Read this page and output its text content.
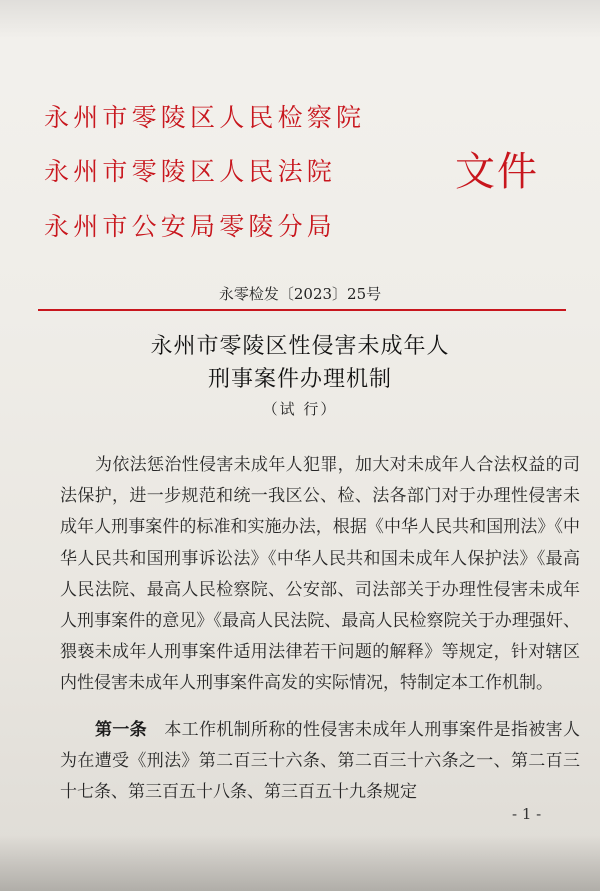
永州市零陵区人民检察院
永州市零陵区人民法院
永州市公安局零陵分局
文件
永零检发〔2023〕25号
永州市零陵区性侵害未成年人
刑事案件办理机制
（试 行）
为依法惩治性侵害未成年人犯罪，加大对未成年人合法权益的司法保护，进一步规范和统一我区公、检、法各部门对于办理性侵害未成年人刑事案件的标准和实施办法，根据《中华人民共和国刑法》《中华人民共和国刑事诉讼法》《中华人民共和国未成年人保护法》《最高人民法院、最高人民检察院、公安部、司法部关于办理性侵害未成年人刑事案件的意见》《最高人民法院、最高人民检察院关于办理强奸、猥亵未成年人刑事案件适用法律若干问题的解释》等规定，针对辖区内性侵害未成年人刑事案件高发的实际情况，特制定本工作机制。
第一条　 本工作机制所称的性侵害未成年人刑事案件是指被害人为在遭受《刑法》第二百三十六条、第二百三十六条之一、第二百三十七条、第三百五十八条、第三百五十九条规定
- 1 -
